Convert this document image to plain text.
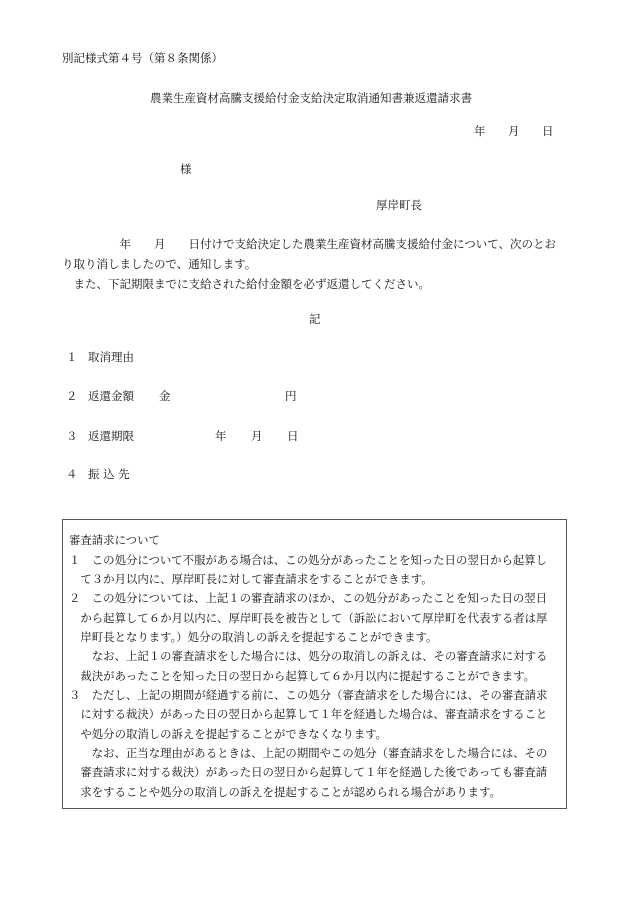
別記様式第４号（第８条関係）
農業生産資材高騰支援給付金支給決定取消通知書兼返還請求書
年 月 日
様
厚岸町長
　　　　　年　　月　　日付けで支給決定した農業生産資材高騰支援給付金について、次のとお
り取り消しましたので、通知します。
　また、下記期限までに支給された給付金額を必ず返還してください。
記
１ 取消理由
２ 返還金額 金	円
３ 返還期限	年 月 日
４ 振 込 先
審査請求について
１　この処分について不服がある場合は、この処分があったことを知った日の翌日から起算し
　て３か月以内に、厚岸町長に対して審査請求をすることができます。
２　この処分については、上記１の審査請求のほか、この処分があったことを知った日の翌日
　から起算して６か月以内に、厚岸町長を被告として（訴訟において厚岸町を代表する者は厚
　岸町長となります。）処分の取消しの訴えを提起することができます。
　　なお、上記１の審査請求をした場合には、処分の取消しの訴えは、その審査請求に対する
　裁決があったことを知った日の翌日から起算して６か月以内に提起することができます。
３　ただし、上記の期間が経過する前に、この処分（審査請求をした場合には、その審査請求
　に対する裁決）があった日の翌日から起算して１年を経過した場合は、審査請求をすること
　や処分の取消しの訴えを提起することができなくなります。
　　なお、正当な理由があるときは、上記の期間やこの処分（審査請求をした場合には、その
　審査請求に対する裁決）があった日の翌日から起算して１年を経過した後であっても審査請
　求をすることや処分の取消しの訴えを提起することが認められる場合があります。
